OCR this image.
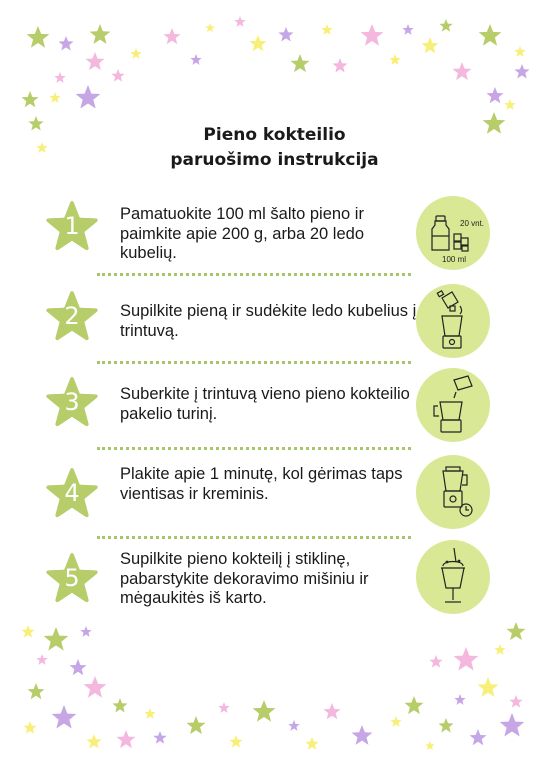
Pieno kokteilio
paruošimo instrukcija
1	Pamatuokite 100 ml šalto pieno ir paimkite apie 200 g, arba 20 ledo kubelių.
20 vnt.
100 ml
2	Supilkite pieną ir sudėkite ledo kubelius į trintuvą.
3	Suberkite į trintuvą vieno pieno kokteilio pakelio turinį.
4
Plakite apie 1 minutę, kol gėrimas taps vientisas ir kreminis.
5
Supilkite pieno kokteilį į stiklinę, pabarstykite dekoravimo mišiniu ir mėgaukitės iš karto.
